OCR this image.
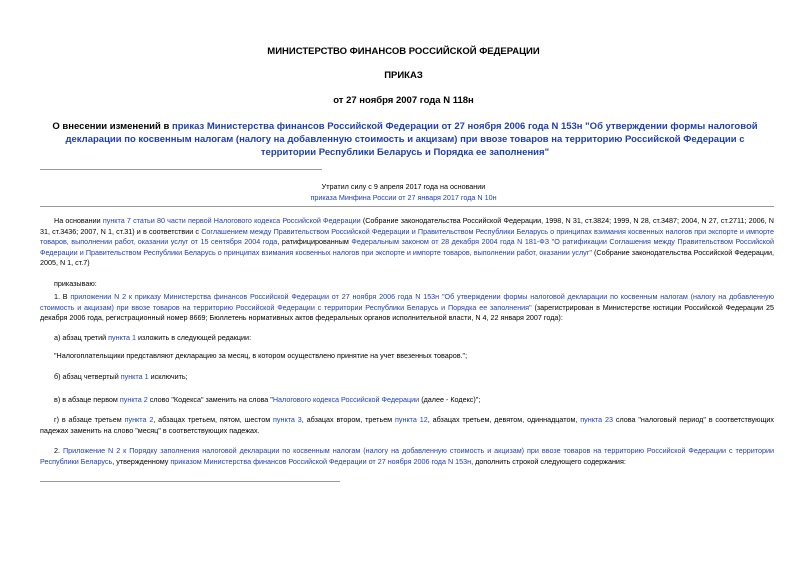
МИНИСТЕРСТВО ФИНАНСОВ РОССИЙСКОЙ ФЕДЕРАЦИИ
ПРИКАЗ
от 27 ноября 2007 года N 118н
О внесении изменений в приказ Министерства финансов Российской Федерации от 27 ноября 2006 года N 153н "Об утверждении формы налоговой декларации по косвенным налогам (налогу на добавленную стоимость и акцизам) при ввозе товаров на территорию Российской Федерации с территории Республики Беларусь и Порядка ее заполнения"
Утратил силу с 9 апреля 2017 года на основании
приказа Минфина России от 27 января 2017 года N 10н
На основании пункта 7 статьи 80 части первой Налогового кодекса Российской Федерации (Собрание законодательства Российской Федерации, 1998, N 31, ст.3824; 1999, N 28, ст.3487; 2004, N 27, ст.2711; 2006, N 31, ст.3436; 2007, N 1, ст.31) и в соответствии с Соглашением между Правительством Российской Федерации и Правительством Республики Беларусь о принципах взимания косвенных налогов при экспорте и импорте товаров, выполнении работ, оказании услуг от 15 сентября 2004 года, ратифицированным Федеральным законом от 28 декабря 2004 года N 181-ФЗ "О ратификации Соглашения между Правительством Российской Федерации и Правительством Республики Беларусь о принципах взимания косвенных налогов при экспорте и импорте товаров, выполнении работ, оказании услуг" (Собрание законодательства Российской Федерации, 2005, N 1, ст.7)
приказываю:
1. В приложении N 2 к приказу Министерства финансов Российской Федерации от 27 ноября 2006 года N 153н "Об утверждении формы налоговой декларации по косвенным налогам (налогу на добавленную стоимость и акцизам) при ввозе товаров на территорию Российской Федерации с территории Республики Беларусь и Порядка ее заполнения" (зарегистрирован в Министерстве юстиции Российской Федерации 25 декабря 2006 года, регистрационный номер 8669; Бюллетень нормативных актов федеральных органов исполнительной власти, N 4, 22 января 2007 года):
а) абзац третий пункта 1 изложить в следующей редакции:
"Налогоплательщики представляют декларацию за месяц, в котором осуществлено принятие на учет ввезенных товаров.";
б) абзац четвертый пункта 1 исключить;
в) в абзаце первом пункта 2 слово "Кодекса" заменить на слова "Налогового кодекса Российской Федерации (далее - Кодекс)";
г) в абзаце третьем пункта 2, абзацах третьем, пятом, шестом пункта 3, абзацах втором, третьем пункта 12, абзацах третьем, девятом, одиннадцатом, пункта 23 слова "налоговый период" в соответствующих падежах заменить на слово "месяц" в соответствующих падежах.
2. Приложение N 2 к Порядку заполнения налоговой декларации по косвенным налогам (налогу на добавленную стоимость и акцизам) при ввозе товаров на территорию Российской Федерации с территории Республики Беларусь, утвержденному приказом Министерства финансов Российской Федерации от 27 ноября 2006 года N 153н, дополнить строкой следующего содержания:
